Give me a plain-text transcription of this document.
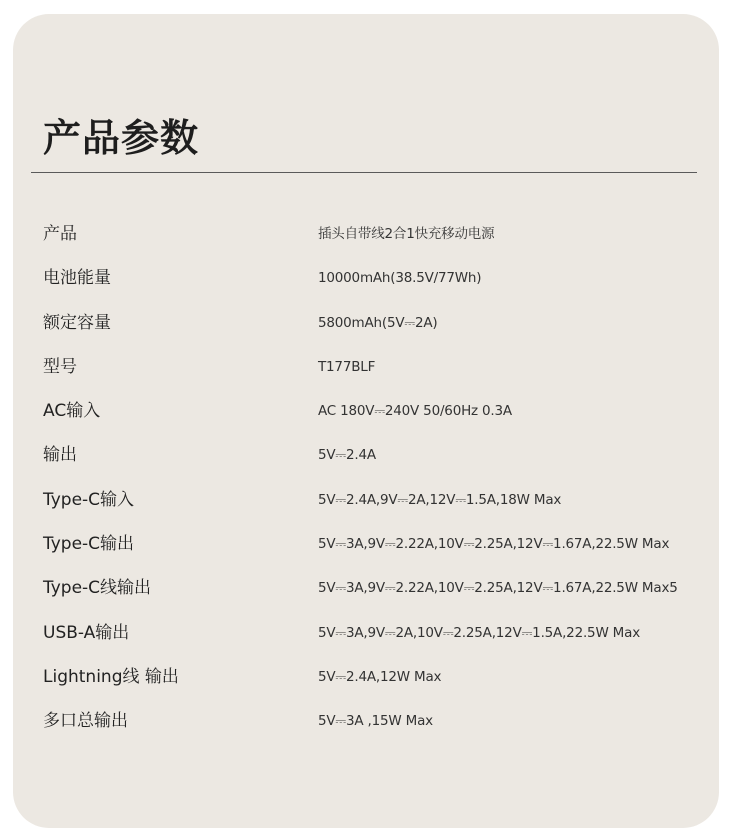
产品参数
产品	插头自带线2合1快充移动电源
电池能量	10000mAh(38.5V/77Wh)
额定容量	5800mAh(5V⎓2A)
型号	T177BLF
AC输入	AC 180V⎓240V 50/60Hz 0.3A
输出	5V⎓2.4A
Type-C输入	5V⎓2.4A,9V⎓2A,12V⎓1.5A,18W Max
Type-C输出	5V⎓3A,9V⎓2.22A,10V⎓2.25A,12V⎓1.67A,22.5W Max
Type-C线输出	5V⎓3A,9V⎓2.22A,10V⎓2.25A,12V⎓1.67A,22.5W Max5
USB-A输出	5V⎓3A,9V⎓2A,10V⎓2.25A,12V⎓1.5A,22.5W Max
Lightning线 输出	5V⎓2.4A,12W Max
多口总输出	5V⎓3A ,15W Max
